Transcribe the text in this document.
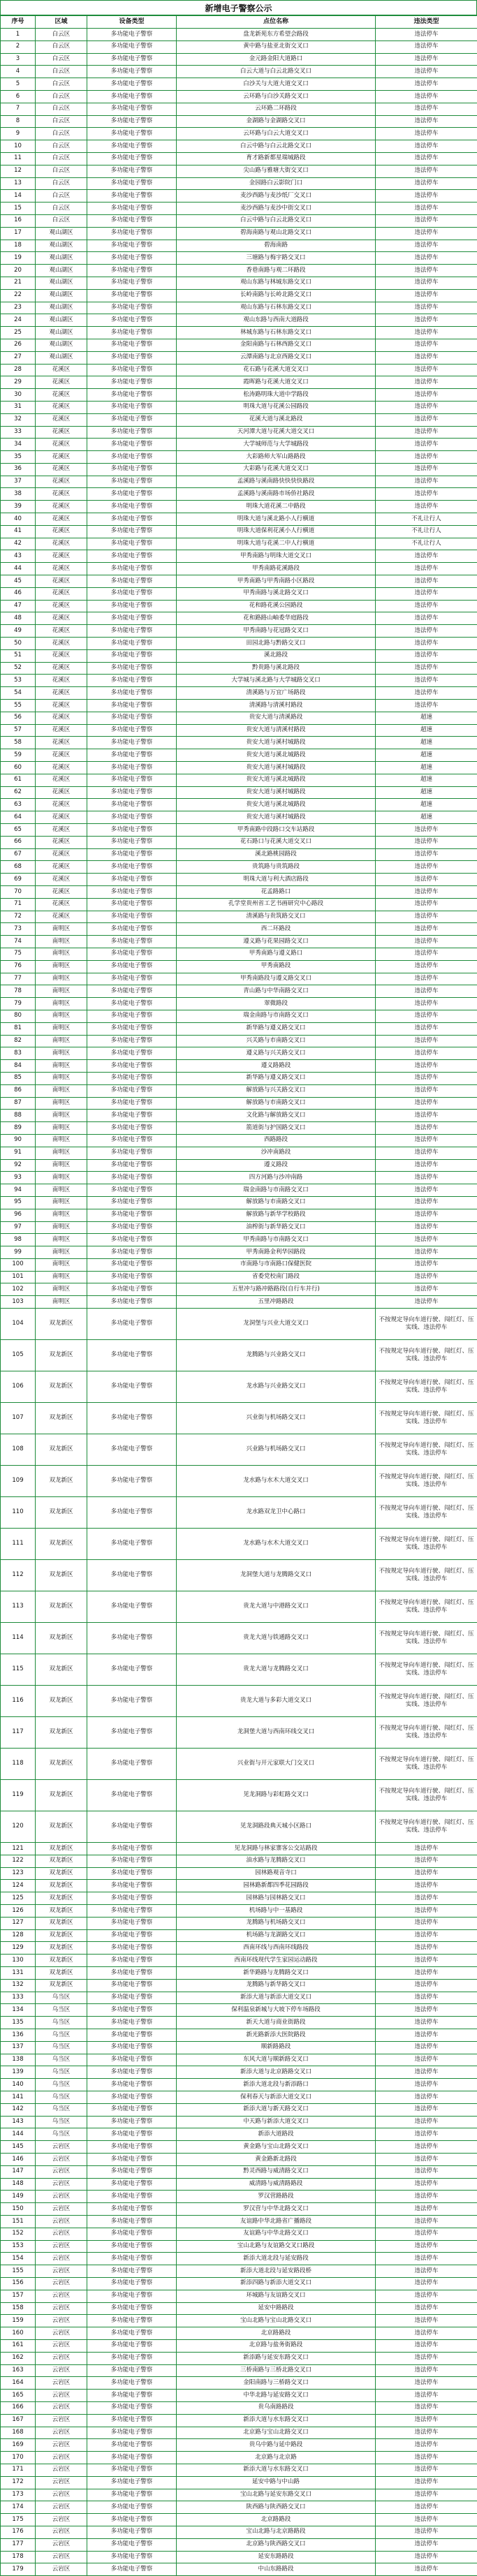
新增电子警察公示
序号	区域	设备类型	点位名称	违法类型
1	白云区	多功能电子警察	盘龙新苑东方希望会路段	违法停车
2	白云区	多功能电子警察	黄中路与盐亚北街交叉口	违法停车
3	白云区	多功能电子警察	金元路金阳大道路口	违法停车
4	白云区	多功能电子警察	白云大道与白云北路交叉口	违法停车
5	白云区	多功能电子警察	白沙关与大道大道交叉口	违法停车
6	白云区	多功能电子警察	云环路与白沙关路交叉口	违法停车
7	白云区	多功能电子警察	云环路二环路段	违法停车
8	白云区	多功能电子警察	金湖路与金湖路交叉口	违法停车
9	白云区	多功能电子警察	云环路与白云大道交叉口	违法停车
10	白云区	多功能电子警察	白云中路与白云北路交叉口	违法停车
11	白云区	多功能电子警察	育才路新都星瑞城路段	违法停车
12	白云区	多功能电子警察	尖山路与雅塘大街交叉口	违法停车
13	白云区	多功能电子警察	金园路白云影院门口	违法停车
14	白云区	多功能电子警察	麦沙西路与麦沙纸厂交叉口	违法停车
15	白云区	多功能电子警察	麦沙西路与麦沙中街交叉口	违法停车
16	白云区	多功能电子警察	白云中路与白云北路交叉口	违法停车
17	观山湖区	多功能电子警察	碧海南路与观山北路交叉口	违法停车
18	观山湖区	多功能电子警察	碧海南路	违法停车
19	观山湖区	多功能电子警察	三塘路与梅宇路交叉口	违法停车
20	观山湖区	多功能电子警察	香巷南路与观二环路段	违法停车
21	观山湖区	多功能电子警察	观山东路与林城东路交叉口	违法停车
22	观山湖区	多功能电子警察	长岭南路与长岭北路交叉口	违法停车
23	观山湖区	多功能电子警察	观山东路与石林东路交叉口	违法停车
24	观山湖区	多功能电子警察	观山东路与西南大道路段	违法停车
25	观山湖区	多功能电子警察	林城东路与石林东路交叉口	违法停车
26	观山湖区	多功能电子警察	金阳南路与石林西路交叉口	违法停车
27	观山湖区	多功能电子警察	云潭南路与北京西路交叉口	违法停车
28	花溪区	多功能电子警察	花石路与花溪大道交叉口	违法停车
29	花溪区	多功能电子警察	霞晖路与花溪大道交叉口	违法停车
30	花溪区	多功能电子警察	松涛路明珠大道中学路段	违法停车
31	花溪区	多功能电子警察	明珠大道与花溪公园路段	违法停车
32	花溪区	多功能电子警察	花溪大道与溪北路段	违法停车
33	花溪区	多功能电子警察	天河潭大道与花溪大道交叉口	违法停车
34	花溪区	多功能电子警察	大学城师范与大学城路段	违法停车
35	花溪区	多功能电子警察	大彩路师大军山路路段	违法停车
36	花溪区	多功能电子警察	大彩路与花溪大道交叉口	违法停车
37	花溪区	多功能电子警察	孟溪路与溪南路快快快快路段	违法停车
38	花溪区	多功能电子警察	孟溪路与溪南路市场侨社路段	违法停车
39	花溪区	多功能电子警察	明珠大道花溪二中路段	违法停车
40	花溪区	多功能电子警察	明珠大道与溪北路小人行横道	不礼让行人
41	花溪区	多功能电子警察	明珠大道保利花溪小人行横道	不礼让行人
42	花溪区	多功能电子警察	明珠大道与花溪二中人行横道	不礼让行人
43	花溪区	多功能电子警察	甲秀南路与明珠大道交叉口	违法停车
44	花溪区	多功能电子警察	甲秀南路花溪路段	违法停车
45	花溪区	多功能电子警察	甲秀南路与甲秀南路小区路段	违法停车
46	花溪区	多功能电子警察	甲秀南路与溪北路交叉口	违法停车
47	花溪区	多功能电子警察	花和路花溪公园路段	违法停车
48	花溪区	多功能电子警察	花和路路山岫委华庭路段	违法停车
49	花溪区	多功能电子警察	甲秀南路与花冠路交叉口	违法停车
50	花溪区	多功能电子警察	田园北路与黔路交叉口	违法停车
51	花溪区	多功能电子警察	溪北路段	违法停车
52	花溪区	多功能电子警察	黔贵路与溪北路段	违法停车
53	花溪区	多功能电子警察	大学城与溪北路与大学城路交叉口	违法停车
54	花溪区	多功能电子警察	清溪路与万宜广场路段	违法停车
55	花溪区	多功能电子警察	清溪路与清溪村路段	违法停车
56	花溪区	多功能电子警察	贵安大道与清溪路段	超速
57	花溪区	多功能电子警察	贵安大道与清溪村路段	超速
58	花溪区	多功能电子警察	贵安大道与溪村城路段	超速
59	花溪区	多功能电子警察	贵安大道与溪北城路段	超速
60	花溪区	多功能电子警察	贵安大道与溪村城路段	超速
61	花溪区	多功能电子警察	贵安大道与溪北城路段	超速
62	花溪区	多功能电子警察	贵安大道与溪村城路段	超速
63	花溪区	多功能电子警察	贵安大道与溪北城路段	超速
64	花溪区	多功能电子警察	贵安大道与溪村城路段	超速
65	花溪区	多功能电子警察	甲秀南路中段路口交车站路段	违法停车
66	花溪区	多功能电子警察	花石路口与花溪大道交叉口	违法停车
67	花溪区	多功能电子警察	溪北路桃园路段	违法停车
68	花溪区	多功能电子警察	贵筑路与贵筑路段	违法停车
69	花溪区	多功能电子警察	明珠大道与利大酒店路段	违法停车
70	花溪区	多功能电子警察	花孟路路口	违法停车
71	花溪区	多功能电子警察	孔学堂贵州省工艺书画研究中心路段	违法停车
72	花溪区	多功能电子警察	清溪路与贵筑路交叉口	违法停车
73	南明区	多功能电子警察	西二环路段	违法停车
74	南明区	多功能电子警察	遵义路与花果园路交叉口	违法停车
75	南明区	多功能电子警察	甲秀南路与遵义路口	违法停车
76	南明区	多功能电子警察	甲秀南路段	违法停车
77	南明区	多功能电子警察	甲秀南路段与遵义路交叉口	违法停车
78	南明区	多功能电子警察	青山路与中华南路交叉口	违法停车
79	南明区	多功能电子警察	翠微路段	违法停车
80	南明区	多功能电子警察	瑞金南路与市南路交叉口	违法停车
81	南明区	多功能电子警察	新华路与遵义路交叉口	违法停车
82	南明区	多功能电子警察	兴关路与市南路交叉口	违法停车
83	南明区	多功能电子警察	遵义路与兴关路交叉口	违法停车
84	南明区	多功能电子警察	遵义路路段	违法停车
85	南明区	多功能电子警察	新华路与遵义路交叉口	违法停车
86	南明区	多功能电子警察	解放路与兴关路交叉口	违法停车
87	南明区	多功能电子警察	解放路与市南路交叉口	违法停车
88	南明区	多功能电子警察	文化路与解放路交叉口	违法停车
89	南明区	多功能电子警察	箭道街与护国路交叉口	违法停车
90	南明区	多功能电子警察	西路路段	违法停车
91	南明区	多功能电子警察	沙冲南路段	违法停车
92	南明区	多功能电子警察	遵义路段	违法停车
93	南明区	多功能电子警察	四方河路与沙冲南路	违法停车
94	南明区	多功能电子警察	瑞金南路与市南路交叉口	违法停车
95	南明区	多功能电子警察	解放路与市南路交叉口	违法停车
96	南明区	多功能电子警察	解放路与新华学校路段	违法停车
97	南明区	多功能电子警察	油榨街与新华路交叉口	违法停车
98	南明区	多功能电子警察	甲秀南路与市南路交叉口	违法停车
99	南明区	多功能电子警察	甲秀南路金利华园路段	违法停车
100	南明区	多功能电子警察	市南路与市南路口保健医院	违法停车
101	南明区	多功能电子警察	省委党校南门路段	违法停车
102	南明区	多功能电子警察	五里冲与路冲路路段(自行车并行)	违法停车
103	南明区	多功能电子警察	五里冲路路段	违法停车
104	双龙新区	多功能电子警察	龙洞堡与兴业大道交叉口	不按规定导向车道行驶、闯红灯、压实线、违法停车
105	双龙新区	多功能电子警察	龙腾路与兴业路交叉口	不按规定导向车道行驶、闯红灯、压实线、违法停车
106	双龙新区	多功能电子警察	龙水路与兴业路交叉口	不按规定导向车道行驶、闯红灯、压实线、违法停车
107	双龙新区	多功能电子警察	兴业街与机场路交叉口	不按规定导向车道行驶、闯红灯、压实线、违法停车
108	双龙新区	多功能电子警察	兴业路与机场路交叉口	不按规定导向车道行驶、闯红灯、压实线、违法停车
109	双龙新区	多功能电子警察	龙水路与水木大道交叉口	不按规定导向车道行驶、闯红灯、压实线、违法停车
110	双龙新区	多功能电子警察	龙水路双龙卫中心路口	不按规定导向车道行驶、闯红灯、压实线、违法停车
111	双龙新区	多功能电子警察	龙水路与水木大道交叉口	不按规定导向车道行驶、闯红灯、压实线、违法停车
112	双龙新区	多功能电子警察	龙洞堡大道与龙腾路交叉口	不按规定导向车道行驶、闯红灯、压实线、违法停车
113	双龙新区	多功能电子警察	贵龙大道与中港路交叉口	不按规定导向车道行驶、闯红灯、压实线、违法停车
114	双龙新区	多功能电子警察	贵龙大道与铁通路交叉口	不按规定导向车道行驶、闯红灯、压实线、违法停车
115	双龙新区	多功能电子警察	贵龙大道与龙腾路交叉口	不按规定导向车道行驶、闯红灯、压实线、违法停车
116	双龙新区	多功能电子警察	贵龙大道与多彩大道交叉口	不按规定导向车道行驶、闯红灯、压实线、违法停车
117	双龙新区	多功能电子警察	龙洞堡大道与西南环线交叉口	不按规定导向车道行驶、闯红灯、压实线、违法停车
118	双龙新区	多功能电子警察	兴业街与开元家联大门交叉口	不按规定导向车道行驶、闯红灯、压实线、违法停车
119	双龙新区	多功能电子警察	见龙洞路与彩虹路交叉口	不按规定导向车道行驶、闯红灯、压实线、违法停车
120	双龙新区	多功能电子警察	见龙洞路段典天城小区路口	不按规定导向车道行驶、闯红灯、压实线、违法停车
121	双龙新区	多功能电子警察	见龙洞路与林家寨客公交站路段	违法停车
122	双龙新区	多功能电子警察	油水路与龙腾路交叉口	违法停车
123	双龙新区	多功能电子警察	园林路观音寺口	违法停车
124	双龙新区	多功能电子警察	园林路新都四季花园路段	违法停车
125	双龙新区	多功能电子警察	园林路与园林路交叉口	违法停车
126	双龙新区	多功能电子警察	机场路与中一基路段	违法停车
127	双龙新区	多功能电子警察	龙腾路与机场路交叉口	违法停车
128	双龙新区	多功能电子警察	机场路与龙湖路交叉口	违法停车
129	双龙新区	多功能电子警察	西南环线与西南环线路段	违法停车
130	双龙新区	多功能电子警察	西南环线现代学生家园运动路段	违法停车
131	双龙新区	多功能电子警察	新华路路与龙腾路交叉口	违法停车
132	双龙新区	多功能电子警察	龙腾路与新华路交叉口	违法停车
133	乌当区	多功能电子警察	新添大道与新添大道交叉口	违法停车
134	乌当区	多功能电子警察	保利温泉新城与大坡下停车场路段	违法停车
135	乌当区	多功能电子警察	新天大道与商业街路段	违法停车
136	乌当区	多功能电子警察	新光路新添大医院路段	违法停车
137	乌当区	多功能电子警察	顺新路路段	违法停车
138	乌当区	多功能电子警察	东风大道与顺新路交叉口	违法停车
139	乌当区	多功能电子警察	新添大道与北京路路交叉口	违法停车
140	乌当区	多功能电子警察	新添大道北段与新添路口	违法停车
141	乌当区	多功能电子警察	保利春天与新添大道交叉口	违法停车
142	乌当区	多功能电子警察	新添大道与新天路交叉口	违法停车
143	乌当区	多功能电子警察	中天路与新添大道交叉口	违法停车
144	乌当区	多功能电子警察	新添大道路段	违法停车
145	云岩区	多功能电子警察	黄金路与宝山北路交叉口	违法停车
146	云岩区	多功能电子警察	黄金路新北路段	违法停车
147	云岩区	多功能电子警察	黔灵西路与威清路交叉口	违法停车
148	云岩区	多功能电子警察	威清路与威清路路段	违法停车
149	云岩区	多功能电子警察	罗汉营路路段	违法停车
150	云岩区	多功能电子警察	罗汉营与中华北路交叉口	违法停车
151	云岩区	多功能电子警察	友谊路中华北路省广播路段	违法停车
152	云岩区	多功能电子警察	友谊路与中华北路交叉口	违法停车
153	云岩区	多功能电子警察	宝山北路与友谊路交叉口路段	违法停车
154	云岩区	多功能电子警察	新添大道北段与延安路段	违法停车
155	云岩区	多功能电子警察	新添大道北段与延安路段桥	违法停车
156	云岩区	多功能电子警察	新添四路与新添大道交叉口	违法停车
157	云岩区	多功能电子警察	环城路与友谊路交叉口	违法停车
158	云岩区	多功能电子警察	延安中路路段	违法停车
159	云岩区	多功能电子警察	宝山北路与宝山北路交叉口	违法停车
160	云岩区	多功能电子警察	北京路路段	违法停车
161	云岩区	多功能电子警察	北京路与盐务街路段	违法停车
162	云岩区	多功能电子警察	新添路与延安东路交叉口	违法停车
163	云岩区	多功能电子警察	三桥南路与三桥北路交叉口	违法停车
164	云岩区	多功能电子警察	金阳南路与三桥路交叉口	违法停车
165	云岩区	多功能电子警察	中华北路与延安路交叉口	违法停车
166	云岩区	多功能电子警察	贵乌南路路段	违法停车
167	云岩区	多功能电子警察	新添大道与水东路交叉口	违法停车
168	云岩区	多功能电子警察	北京路与宝山北路交叉口	违法停车
169	云岩区	多功能电子警察	贵乌中路与延中路段	违法停车
170	云岩区	多功能电子警察	北京路与北京路	违法停车
171	云岩区	多功能电子警察	新添大道与水东路交叉口	违法停车
172	云岩区	多功能电子警察	延安中路与中山路	违法停车
173	云岩区	多功能电子警察	宝山北路与延安东路交叉口	违法停车
174	云岩区	多功能电子警察	陕西路与陕西路交叉口	违法停车
175	云岩区	多功能电子警察	北京路路段	违法停车
176	云岩区	多功能电子警察	宝山北路与北京路路段	违法停车
177	云岩区	多功能电子警察	北京路与陕西路交叉口	违法停车
178	云岩区	多功能电子警察	延安东路路段	违法停车
179	云岩区	多功能电子警察	中山东路路段	违法停车
